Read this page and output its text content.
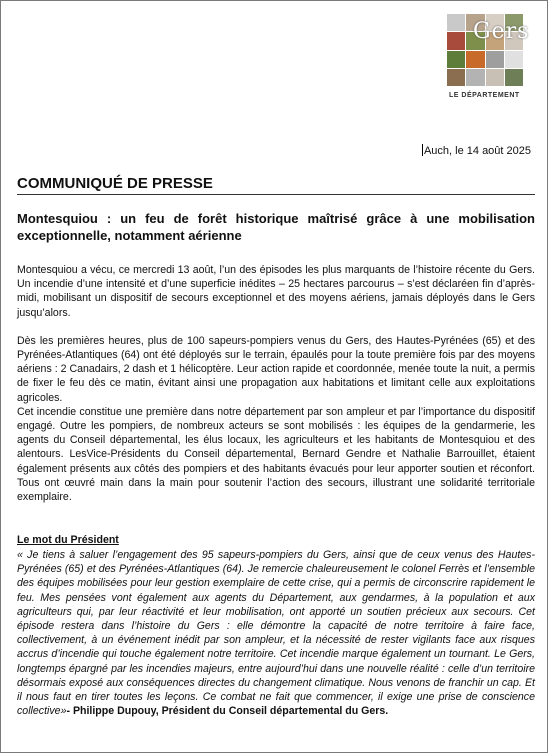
Gers
LE DÉPARTEMENT
Auch, le 14 août 2025
COMMUNIQUÉ DE PRESSE
Montesquiou : un feu de forêt historique maîtrisé grâce à une mobilisation exceptionnelle, notamment aérienne

Montesquiou a vécu, ce mercredi 13 août, l’un des épisodes les plus marquants de l’histoire récente du Gers. Un incendie d’une intensité et d’une superficie inédites – 25 hectares parcourus – s’est déclaréen fin d’après-midi, mobilisant un dispositif de secours exceptionnel et des moyens aériens, jamais déployés dans le Gers jusqu’alors.

Dès les premières heures, plus de 100 sapeurs-pompiers venus du Gers, des Hautes-Pyrénées (65) et des Pyrénées-Atlantiques (64) ont été déployés sur le terrain, épaulés pour la toute première fois par des moyens aériens : 2 Canadairs, 2 dash et 1 hélicoptère. Leur action rapide et coordonnée, menée toute la nuit, a permis de fixer le feu dès ce matin, évitant ainsi une propagation aux habitations et limitant celle aux exploitations agricoles.

Cet incendie constitue une première dans notre département par son ampleur et par l’importance du dispositif engagé. Outre les pompiers, de nombreux acteurs se sont mobilisés : les équipes de la gendarmerie, les agents du Conseil départemental, les élus locaux, les agriculteurs et les habitants de Montesquiou et des alentours. LesVice-Présidents du Conseil départemental, Bernard Gendre et Nathalie Barrouillet, étaient également présents aux côtés des pompiers et des habitants évacués pour leur apporter soutien et réconfort. Tous ont œuvré main dans la main pour soutenir l’action des secours, illustrant une solidarité territoriale exemplaire.

Le mot du Président

« Je tiens à saluer l’engagement des 95 sapeurs-pompiers du Gers, ainsi que de ceux venus des Hautes-Pyrénées (65) et des Pyrénées-Atlantiques (64). Je remercie chaleureusement le colonel Ferrès et l’ensemble des équipes mobilisées pour leur gestion exemplaire de cette crise, qui a permis de circonscrire rapidement le feu. Mes pensées vont également aux agents du Département, aux gendarmes, à la population et aux agriculteurs qui, par leur réactivité et leur mobilisation, ont apporté un soutien précieux aux secours. Cet épisode restera dans l’histoire du Gers : elle démontre la capacité de notre territoire à faire face, collectivement, à un événement inédit par son ampleur, et la nécessité de rester vigilants face aux risques accrus d’incendie qui touche également notre territoire. Cet incendie marque également un tournant. Le Gers, longtemps épargné par les incendies majeurs, entre aujourd’hui dans une nouvelle réalité : celle d’un territoire désormais exposé aux conséquences directes du changement climatique. Nous venons de franchir un cap. Et il nous faut en tirer toutes les leçons. Ce combat ne fait que commencer, il exige une prise de conscience collective»- Philippe Dupouy, Président du Conseil départemental du Gers.
